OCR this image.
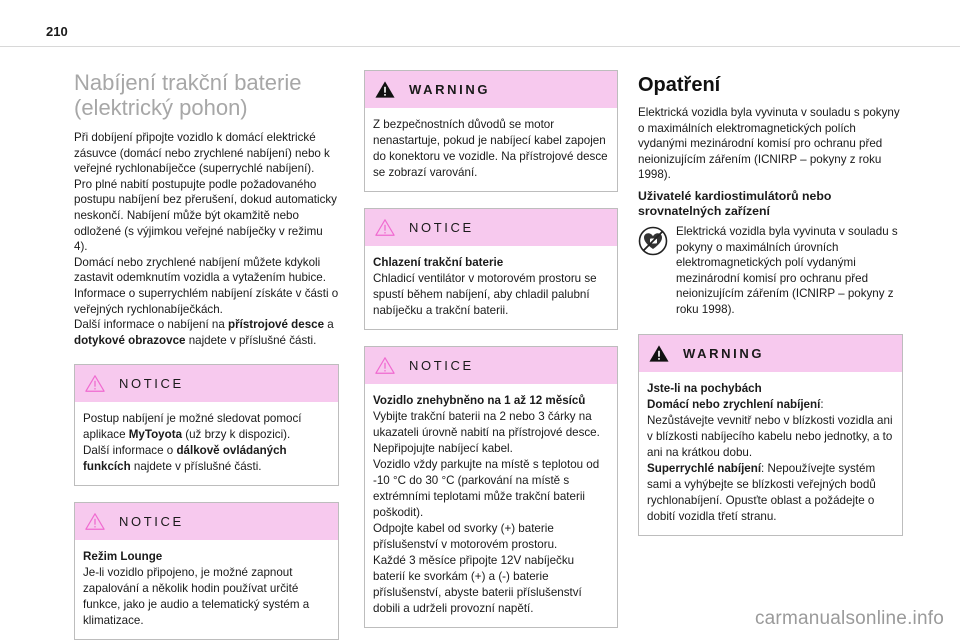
210
Nabíjení trakční baterie (elektrický pohon)

Při dobíjení připojte vozidlo k domácí elektrické zásuvce (domácí nebo zrychlené nabíjení) nebo k veřejné rychlonabíječce (superrychlé nabíjení).

Pro plné nabití postupujte podle požadovaného postupu nabíjení bez přerušení, dokud automaticky neskončí. Nabíjení může být okamžitě nebo odložené (s výjimkou veřejné nabíječky v režimu 4).

Domácí nebo zrychlené nabíjení můžete kdykoli zastavit odemknutím vozidla a vytažením hubice.

Informace o superrychlém nabíjení získáte v části o veřejných rychlonabíječkách.

Další informace o nabíjení na přístrojové desce a dotykové obrazovce najdete v příslušné části.

NOTICE
Postup nabíjení je možné sledovat pomocí aplikace MyToyota (už brzy k dispozici).
Další informace o dálkově ovládaných funkcích najdete v příslušné části.
NOTICE
Režim Lounge
Je-li vozidlo připojeno, je možné zapnout zapalování a několik hodin používat určité funkce, jako je audio a telematický systém a klimatizace.
WARNING
Z bezpečnostních důvodů se motor nenastartuje, pokud je nabíjecí kabel zapojen do konektoru ve vozidle. Na přístrojové desce se zobrazí varování.
NOTICE
Chlazení trakční baterie
Chladicí ventilátor v motorovém prostoru se spustí během nabíjení, aby chladil palubní nabíječku a trakční baterii.
NOTICE
Vozidlo znehybněno na 1 až 12 měsíců

Vybijte trakční baterii na 2 nebo 3 čárky na ukazateli úrovně nabití na přístrojové desce.

Nepřipojujte nabíjecí kabel.

Vozidlo vždy parkujte na místě s teplotou od -10 °C do 30 °C (parkování na místě s extrémními teplotami může trakční baterii poškodit).

Odpojte kabel od svorky (+) baterie příslušenství v motorovém prostoru.

Každé 3 měsíce připojte 12V nabíječku baterií ke svorkám (+) a (-) baterie příslušenství, abyste baterii příslušenství dobili a udrželi provozní napětí.

Opatření

Elektrická vozidla byla vyvinuta v souladu s pokyny o maximálních elektromagnetických polích vydanými mezinárodní komisí pro ochranu před neionizujícím zářením (ICNIRP – pokyny z roku 1998).

Uživatelé kardiostimulátorů nebo srovnatelných zařízení

Elektrická vozidla byla vyvinuta v souladu s pokyny o maximálních úrovních elektromagnetických polí vydanými mezinárodní komisí pro ochranu před neionizujícím zářením (ICNIRP – pokyny z roku 1998).

WARNING
Jste-li na pochybách
Domácí nebo zrychlení nabíjení:
Nezůstávejte vevnitř nebo v blízkosti vozidla ani v blízkosti nabíjecího kabelu nebo jednotky, a to ani na krátkou dobu.
Superrychlé nabíjení: Nepoužívejte systém sami a vyhýbejte se blízkosti veřejných bodů rychlonabíjení. Opusťte oblast a požádejte o dobití vozidla třetí stranu.
carmanualsonline.info
